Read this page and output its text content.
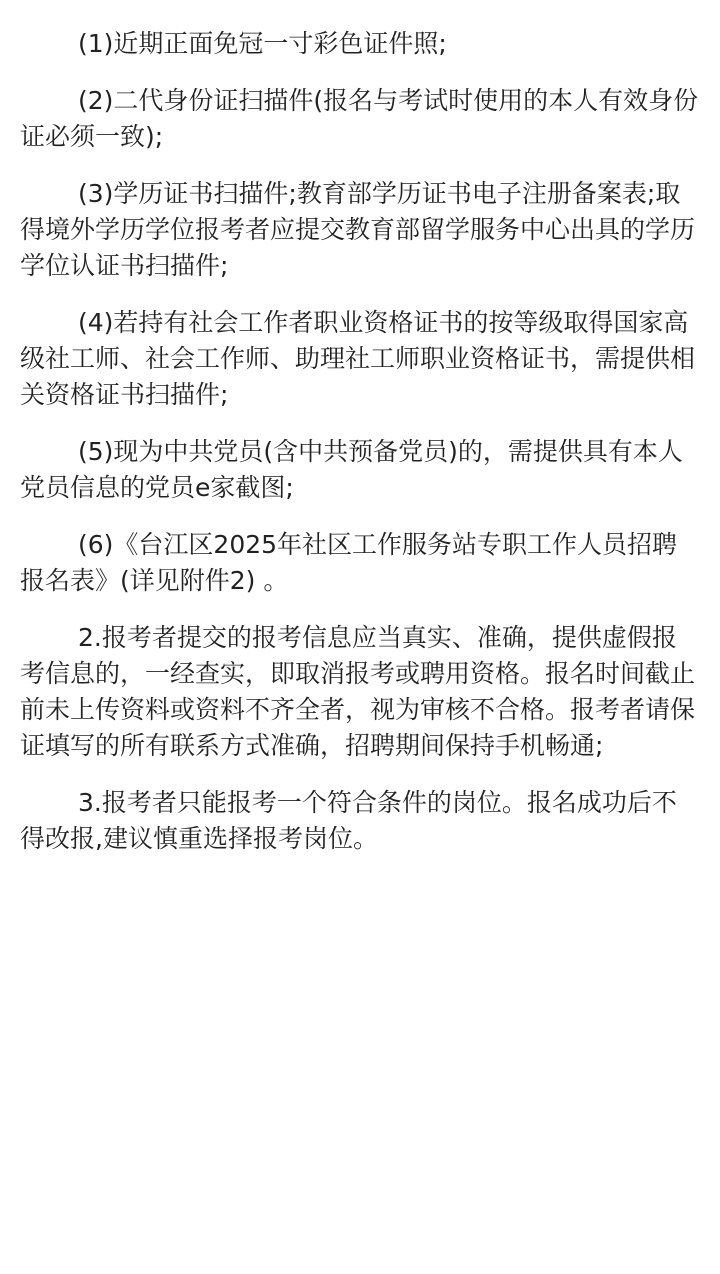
(1)近期正面免冠一寸彩色证件照;

(2)二代身份证扫描件(报名与考试时使用的本人有效身份证必须一致);

(3)学历证书扫描件;教育部学历证书电子注册备案表;取得境外学历学位报考者应提交教育部留学服务中心出具的学历学位认证书扫描件;

(4)若持有社会工作者职业资格证书的按等级取得国家高级社工师、社会工作师、助理社工师职业资格证书，需提供相关资格证书扫描件;

(5)现为中共党员(含中共预备党员)的，需提供具有本人党员信息的党员e家截图;

(6)《台江区2025年社区工作服务站专职工作人员招聘报名表》(详见附件2) 。

2.报考者提交的报考信息应当真实、准确，提供虚假报考信息的，一经查实，即取消报考或聘用资格。报名时间截止前未上传资料或资料不齐全者，视为审核不合格。报考者请保证填写的所有联系方式准确，招聘期间保持手机畅通;

3.报考者只能报考一个符合条件的岗位。报名成功后不得改报,建议慎重选择报考岗位。
